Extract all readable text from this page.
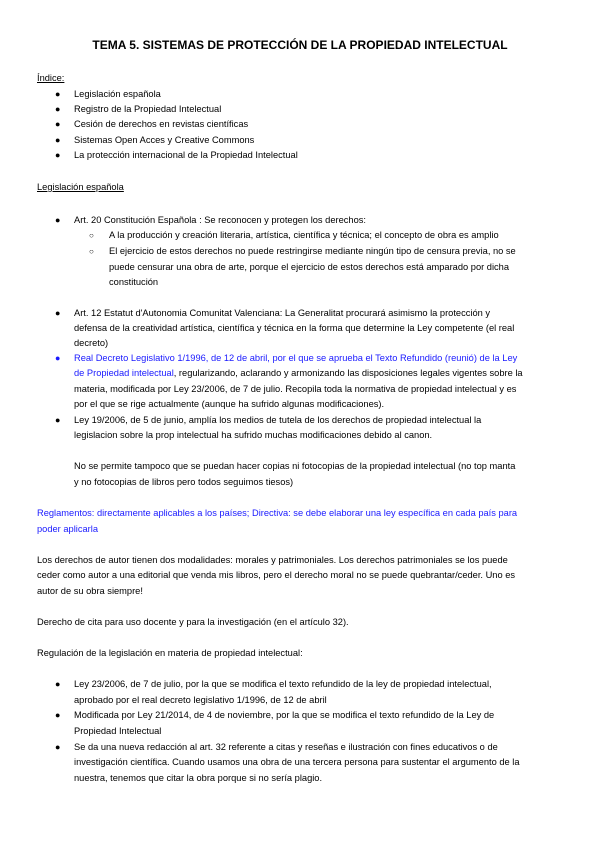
TEMA 5. SISTEMAS DE PROTECCIÓN DE LA PROPIEDAD INTELECTUAL
Índice:
● Legislación española
● Registro de la Propiedad Intelectual
● Cesión de derechos en revistas científicas
● Sistemas Open Acces y Creative Commons
● La protección internacional de la Propiedad Intelectual
Legislación española
● Art. 20 Constitución Española : Se reconocen y protegen los derechos:
○ A la producción y creación literaria, artística, científica y técnica; el concepto de obra es amplio
○ El ejercicio de estos derechos no puede restringirse mediante ningún tipo de censura previa, no se
puede censurar una obra de arte, porque el ejercicio de estos derechos está amparado por dicha
constitución
● Art. 12 Estatut d'Autonomia Comunitat Valenciana: La Generalitat procurará asimismo la protección y
defensa de la creatividad artística, científica y técnica en la forma que determine la Ley competente (el real
decreto)
● Real Decreto Legislativo 1/1996, de 12 de abril, por el que se aprueba el Texto Refundido (reunió) de la Ley
de Propiedad intelectual, regularizando, aclarando y armonizando las disposiciones legales vigentes sobre la
materia, modificada por Ley 23/2006, de 7 de julio. Recopila toda la normativa de propiedad intelectual y es
por el que se rige actualmente (aunque ha sufrido algunas modificaciones).
● Ley 19/2006, de 5 de junio, amplía los medios de tutela de los derechos de propiedad intelectual la
legislacion sobre la prop intelectual ha sufrido muchas modificaciones debido al canon.
No se permite tampoco que se puedan hacer copias ni fotocopias de la propiedad intelectual (no top manta
y no fotocopias de libros pero todos seguimos tiesos)
Reglamentos: directamente aplicables a los países; Directiva: se debe elaborar una ley específica en cada país para
poder aplicarla
Los derechos de autor tienen dos modalidades: morales y patrimoniales. Los derechos patrimoniales se los puede
ceder como autor a una editorial que venda mis libros, pero el derecho moral no se puede quebrantar/ceder. Uno es
autor de su obra siempre!
Derecho de cita para uso docente y para la investigación (en el artículo 32).
Regulación de la legislación en materia de propiedad intelectual:
● Ley 23/2006, de 7 de julio, por la que se modifica el texto refundido de la ley de propiedad intelectual,
aprobado por el real decreto legislativo 1/1996, de 12 de abril
● Modificada por Ley 21/2014, de 4 de noviembre, por la que se modifica el texto refundido de la Ley de
Propiedad Intelectual
● Se da una nueva redacción al art. 32 referente a citas y reseñas e ilustración con fines educativos o de
investigación científica. Cuando usamos una obra de una tercera persona para sustentar el argumento de la
nuestra, tenemos que citar la obra porque si no sería plagio.
